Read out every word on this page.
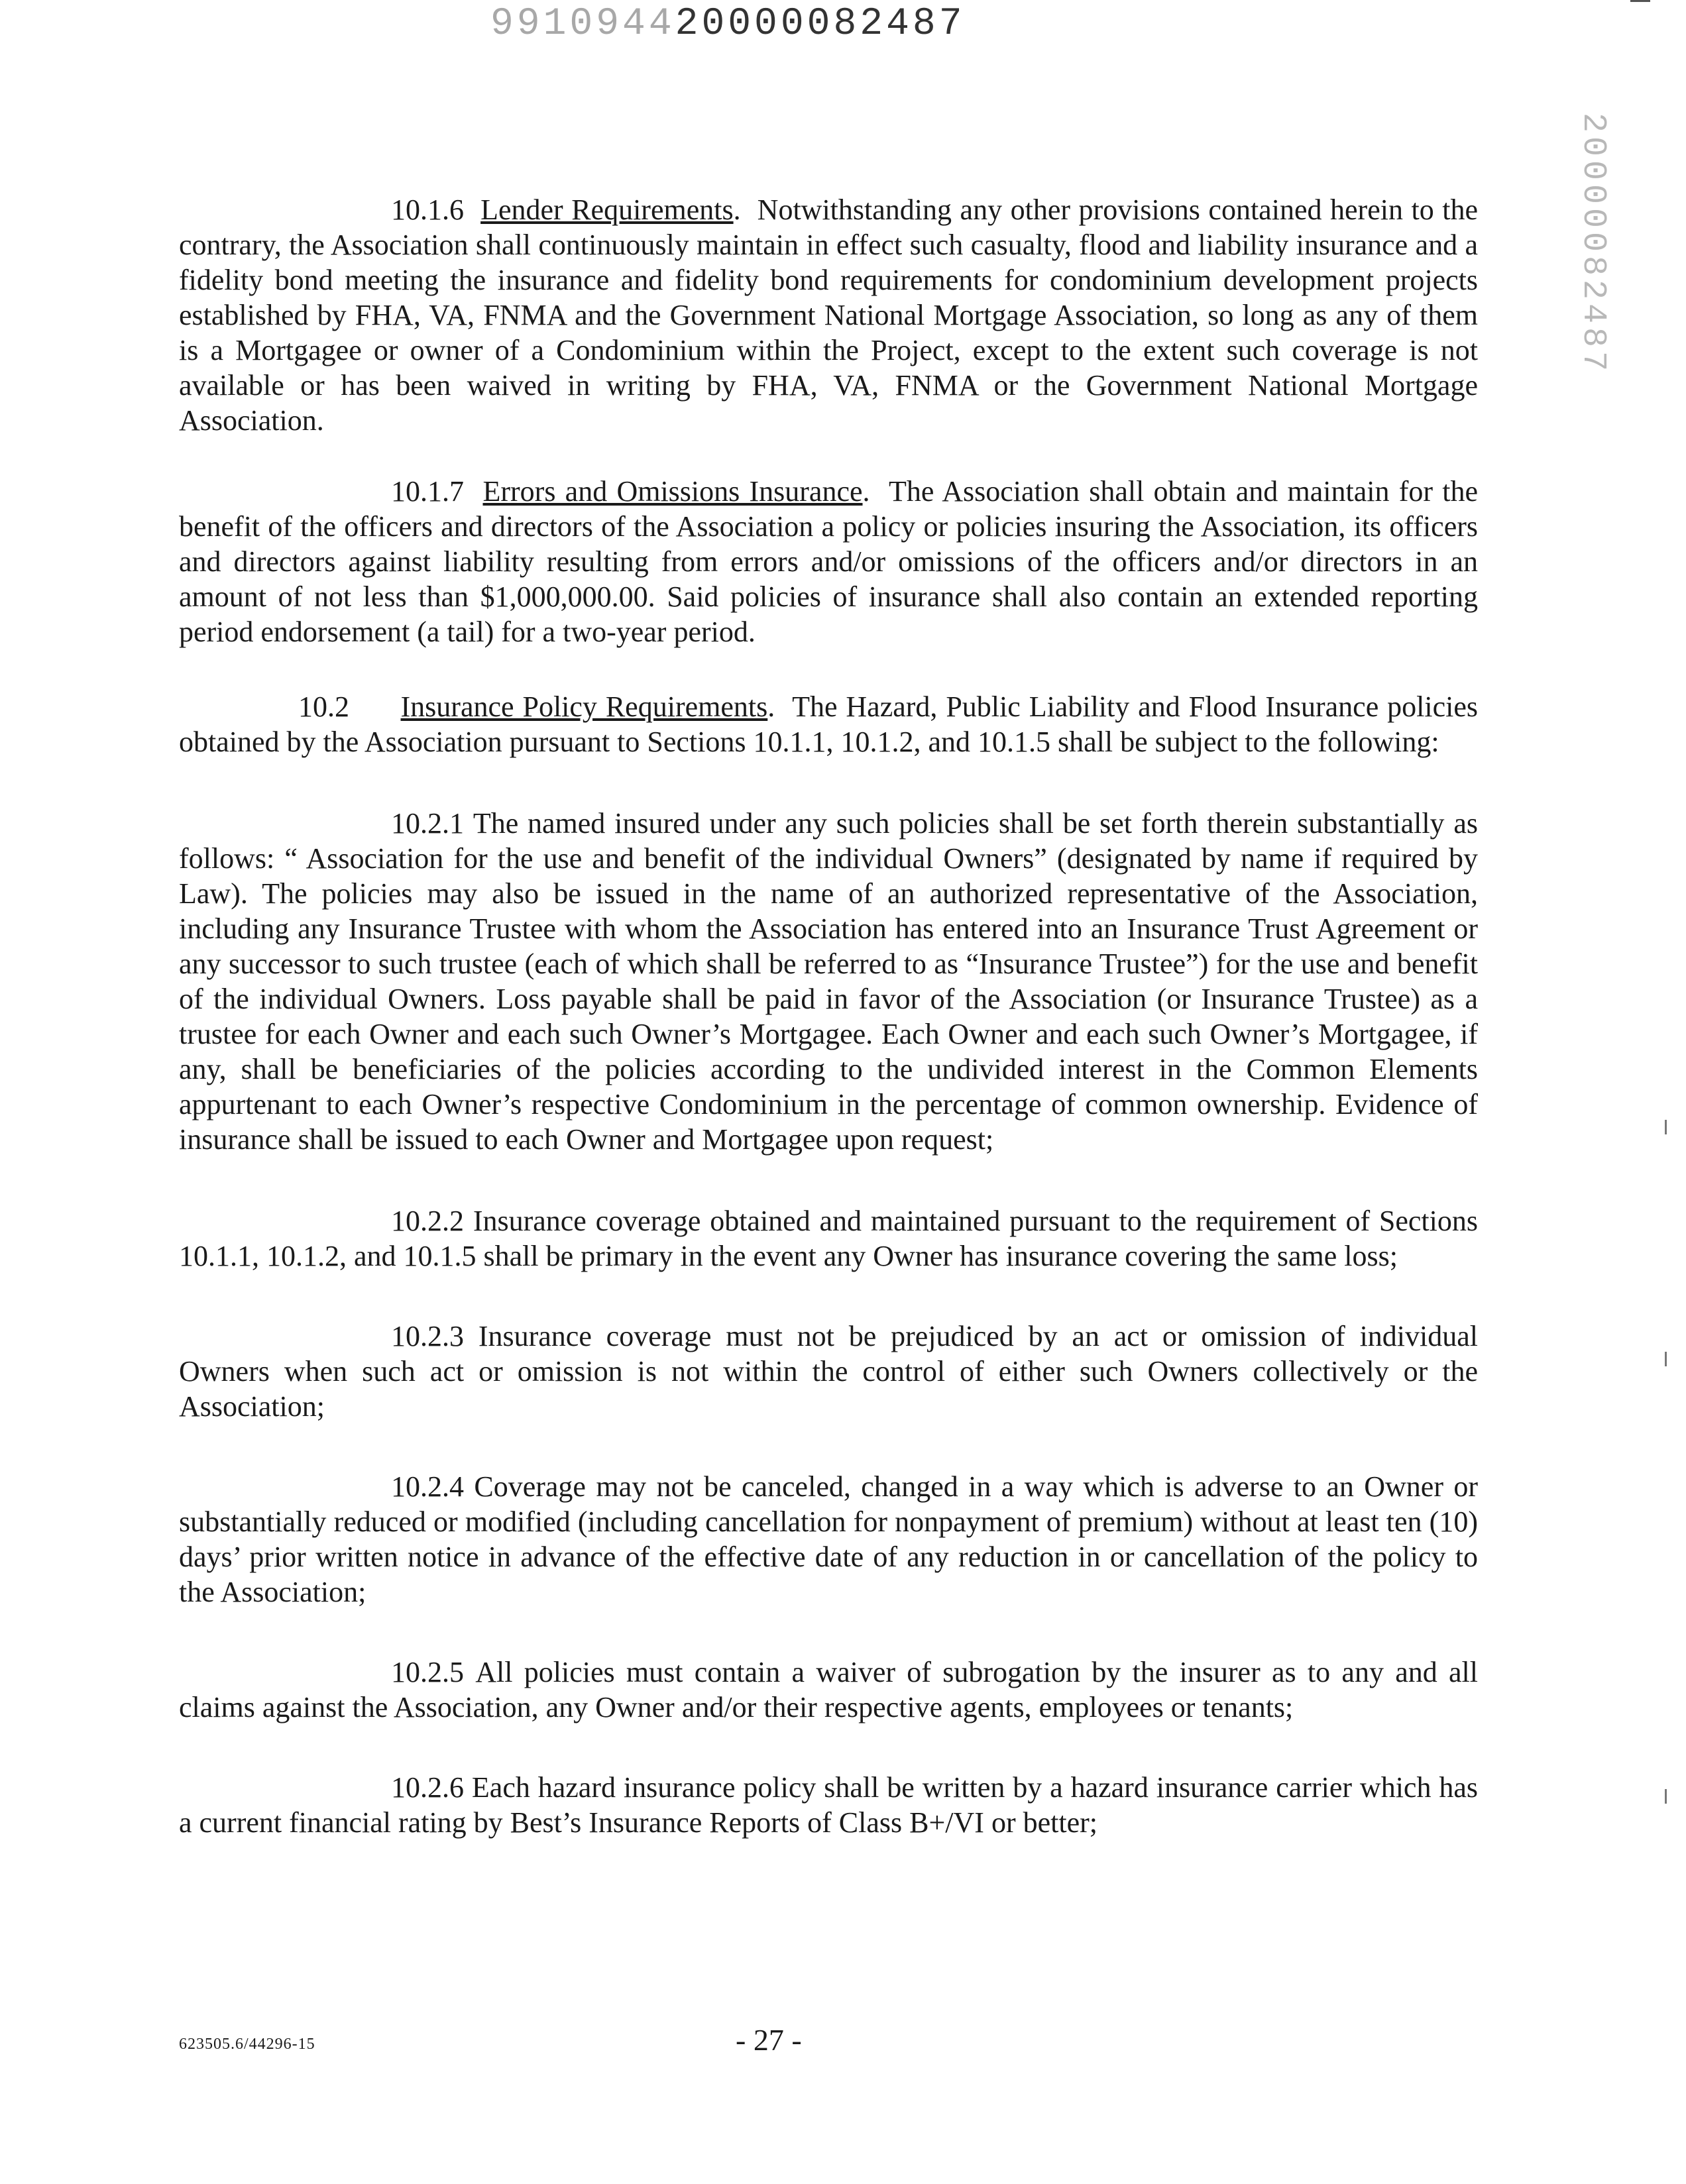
991094420000082487
20000082487

10.1.6 Lender Requirements.  Notwithstanding any other provisions contained herein to the contrary, the Association shall continuously maintain in effect such casualty, flood and liability insurance and a fidelity bond meeting the insurance and fidelity bond requirements for condominium development projects established by FHA, VA, FNMA and the Government National Mortgage Association, so long as any of them is a Mortgagee or owner of a Condominium within the Project, except to the extent such coverage is not available or has been waived in writing by FHA, VA, FNMA or the Government National Mortgage Association.

10.1.7 Errors and Omissions Insurance.  The Association shall obtain and maintain for the benefit of the officers and directors of the Association a policy or policies insuring the Association, its officers and directors against liability resulting from errors and/or omissions of the officers and/or directors in an amount of not less than $1,000,000.00. Said policies of insurance shall also contain an extended reporting period endorsement (a tail) for a two-year period.

10.2 Insurance Policy Requirements.  The Hazard, Public Liability and Flood Insurance policies obtained by the Association pursuant to Sections 10.1.1, 10.1.2, and 10.1.5 shall be subject to the following:

10.2.1 The named insured under any such policies shall be set forth therein substantially as follows: “ Association for the use and benefit of the individual Owners” (designated by name if required by Law). The policies may also be issued in the name of an authorized representative of the Association, including any Insurance Trustee with whom the Association has entered into an Insurance Trust Agreement or any successor to such trustee (each of which shall be referred to as “Insurance Trustee”) for the use and benefit of the individual Owners. Loss payable shall be paid in favor of the Association (or Insurance Trustee) as a trustee for each Owner and each such Owner’s Mortgagee. Each Owner and each such Owner’s Mortgagee, if any, shall be beneficiaries of the policies according to the undivided interest in the Common Elements appurtenant to each Owner’s respective Condominium in the percentage of common ownership. Evidence of insurance shall be issued to each Owner and Mortgagee upon request;

10.2.2 Insurance coverage obtained and maintained pursuant to the requirement of Sections 10.1.1, 10.1.2, and 10.1.5 shall be primary in the event any Owner has insurance covering the same loss;

10.2.3 Insurance coverage must not be prejudiced by an act or omission of individual Owners when such act or omission is not within the control of either such Owners collectively or the Association;

10.2.4 Coverage may not be canceled, changed in a way which is adverse to an Owner or substantially reduced or modified (including cancellation for nonpayment of premium) without at least ten (10) days’ prior written notice in advance of the effective date of any reduction in or cancellation of the policy to the Association;

10.2.5 All policies must contain a waiver of subrogation by the insurer as to any and all claims against the Association, any Owner and/or their respective agents, employees or tenants;

10.2.6 Each hazard insurance policy shall be written by a hazard insurance carrier which has a current financial rating by Best’s Insurance Reports of Class B+/VI or better;

623505.6/44296-15	- 27 -
